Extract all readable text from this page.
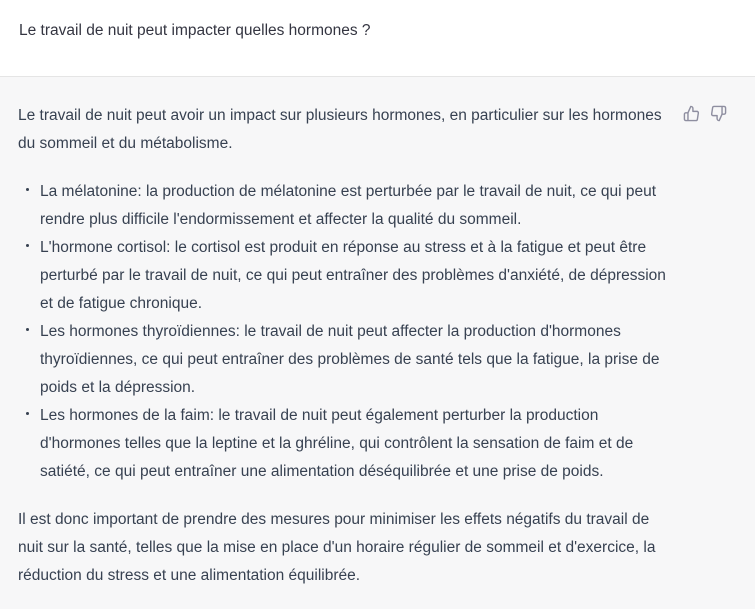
Le travail de nuit peut impacter quelles hormones ?

Le travail de nuit peut avoir un impact sur plusieurs hormones, en particulier sur les hormones du sommeil et du métabolisme.

La mélatonine: la production de mélatonine est perturbée par le travail de nuit, ce qui peut rendre plus difficile l'endormissement et affecter la qualité du sommeil.
L'hormone cortisol: le cortisol est produit en réponse au stress et à la fatigue et peut être perturbé par le travail de nuit, ce qui peut entraîner des problèmes d'anxiété, de dépression et de fatigue chronique.
Les hormones thyroïdiennes: le travail de nuit peut affecter la production d'hormones thyroïdiennes, ce qui peut entraîner des problèmes de santé tels que la fatigue, la prise de poids et la dépression.
Les hormones de la faim: le travail de nuit peut également perturber la production d'hormones telles que la leptine et la ghréline, qui contrôlent la sensation de faim et de satiété, ce qui peut entraîner une alimentation déséquilibrée et une prise de poids.

Il est donc important de prendre des mesures pour minimiser les effets négatifs du travail de nuit sur la santé, telles que la mise en place d'un horaire régulier de sommeil et d'exercice, la réduction du stress et une alimentation équilibrée.
